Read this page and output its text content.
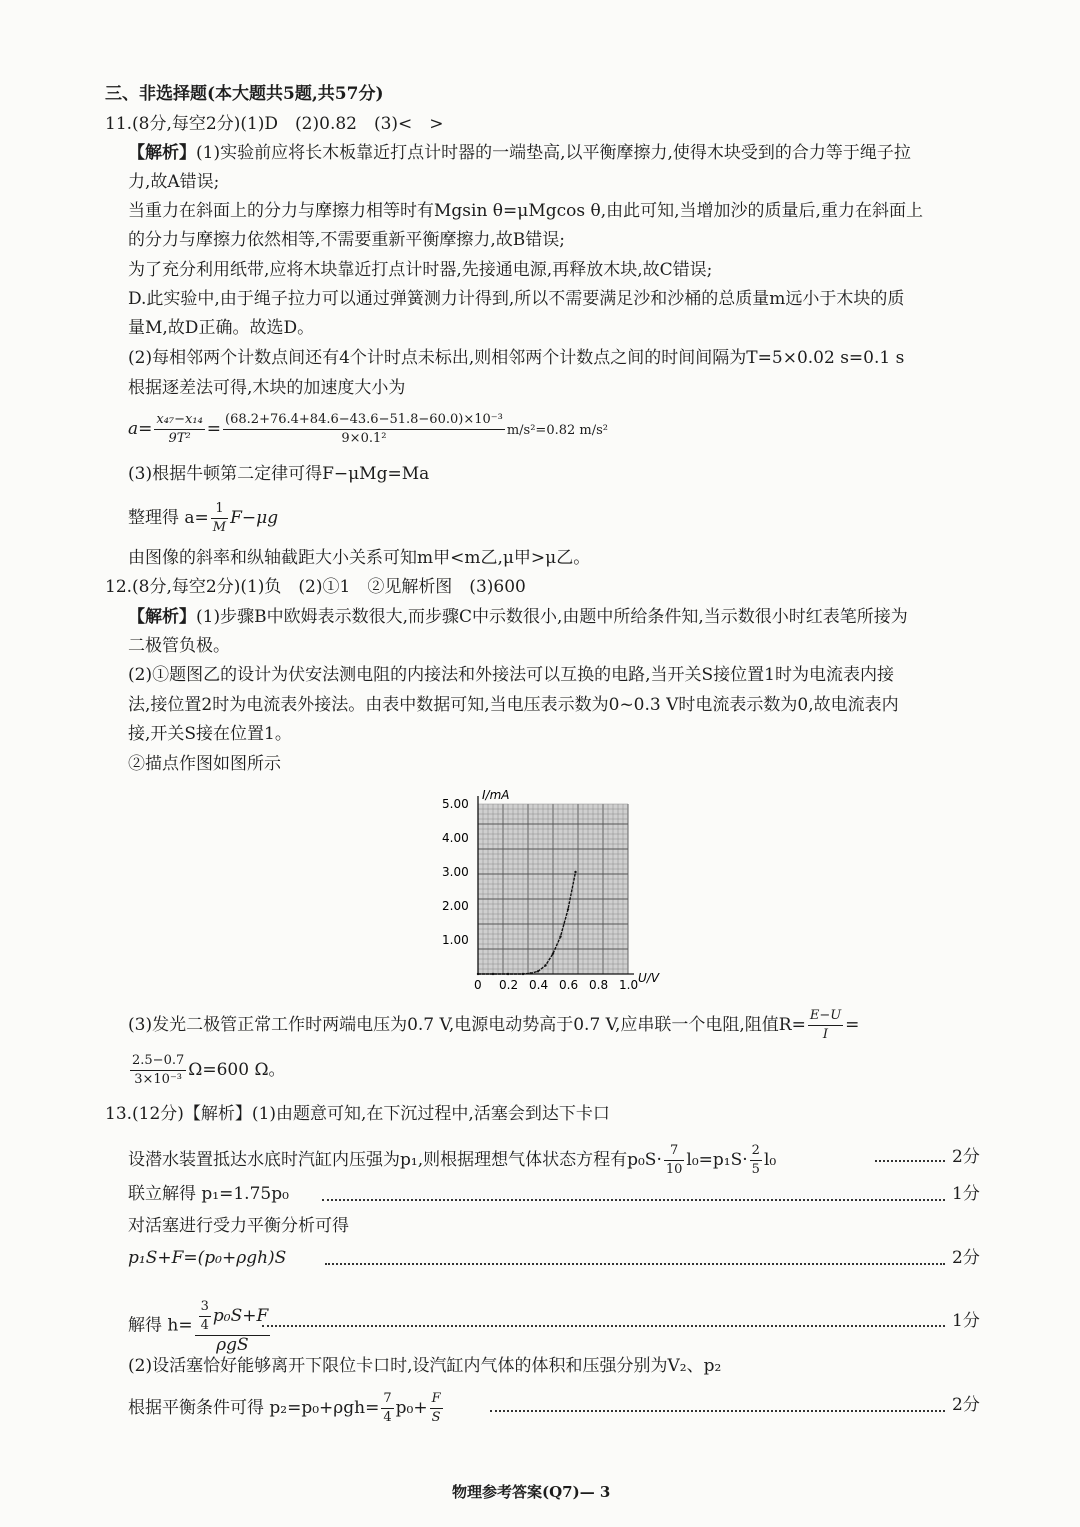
三、非选择题(本大题共5题,共57分)
11.(8分,每空2分)(1)D　(2)0.82　(3)<　>
【解析】(1)实验前应将长木板靠近打点计时器的一端垫高,以平衡摩擦力,使得木块受到的合力等于绳子拉
力,故A错误;
当重力在斜面上的分力与摩擦力相等时有Mgsin θ=μMgcos θ,由此可知,当增加沙的质量后,重力在斜面上
的分力与摩擦力依然相等,不需要重新平衡摩擦力,故B错误;
为了充分利用纸带,应将木块靠近打点计时器,先接通电源,再释放木块,故C错误;
D.此实验中,由于绳子拉力可以通过弹簧测力计得到,所以不需要满足沙和沙桶的总质量m远小于木块的质
量M,故D正确。故选D。
(2)每相邻两个计数点间还有4个计时点未标出,则相邻两个计数点之间的时间间隔为T=5×0.02 s=0.1 s
根据逐差法可得,木块的加速度大小为
$a= \frac{\text{x₄₇−x₁₄}}{\text{9T²}} = \frac{\text{(68.2+76.4+84.6−43.6−51.8−60.0)×10⁻³}}{\text{9×0.1²}} m/s^2=0.82$ m/s²
(3)根据牛顿第二定律可得F−μMg=Ma
整理得 $a= \frac{1}{M} F-\mu g$
由图像的斜率和纵轴截距大小关系可知m甲<m乙,μ甲>μ乙。
12.(8分,每空2分)(1)负　(2)①1　②见解析图　(3)600
【解析】(1)步骤B中欧姆表示数很大,而步骤C中示数很小,由题中所给条件知,当示数很小时红表笔所接为
二极管负极。
(2)①题图乙的设计为伏安法测电阻的内接法和外接法可以互换的电路,当开关S接位置1时为电流表内接
法,接位置2时为电流表外接法。由表中数据可知,当电压表示数为0~0.3 V时电流表示数为0,故电流表内
接,开关S接在位置1。
②描点作图如图所示
0 0.2 0.4 0.6 0.8 1.0
1.00
2.00
3.00
4.00
5.00
U/V
I/mA
(3)发光二极管正常工作时两端电压为0.7 V,电源电动势高于0.7 V,应串联一个电阻,阻值$R= \frac{E-U}{I}$ =
$\frac{2.5-0.7}{\text{3×10⁻³}} \Omega=600$ Ω。
13.(12分)【解析】(1)由题意可知,在下沉过程中,活塞会到达下卡口
设潜水装置抵达水底时汽缸内压强为p₁,则根据理想气体状态方程有$p_0S\cdot \frac{7}{10} l_0=p_1S\cdot \frac{2}{5} l_0$	2分
联立解得 p₁=1.75p₀	1分
对活塞进行受力平衡分析可得
p₁S+F=(p₀+ρgh)S	2分
解得 $h= \frac{\frac{3}{4} p_0S+F}{\text{ρgS}}$	1分
(2)设活塞恰好能够离开下限位卡口时,设汽缸内气体的体积和压强分别为V₂、p₂
根据平衡条件可得 $p_2=p_0+\rho gh= \frac{7}{4} p_0+ \frac{F}{S}$	2分
物理参考答案(Q7)— 3
